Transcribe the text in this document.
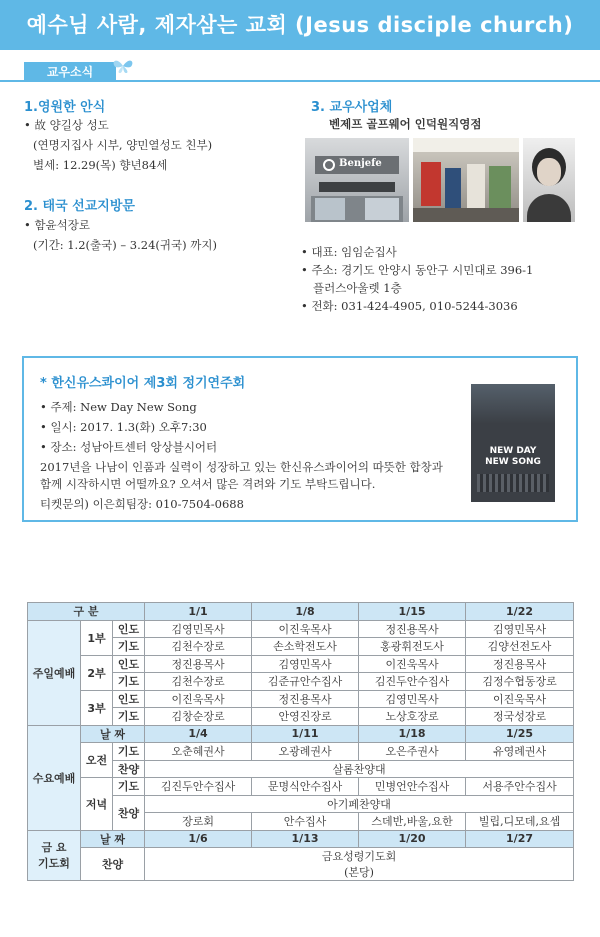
예수님 사람, 제자삼는 교회 (Jesus disciple church)
교우소식
1.영원한 안식
• 故 양길상 성도
(연명지집사 시부, 양민열성도 친부)
별세: 12.29(목) 향년84세
2. 태국 선교지방문
• 함윤석장로
(기간: 1.2(출국) – 3.24(귀국) 까지)
3. 교우사업체
벤제프 골프웨어 인덕원직영점
Benjefe
• 대표: 임임순집사
• 주소: 경기도 안양시 동안구 시민대로 396-1
플러스아울렛 1층
• 전화: 031-424-4905, 010-5244-3036
* 한신유스콰이어 제3회 정기연주회
• 주제: New Day New Song
• 일시: 2017. 1.3(화) 오후7:30
• 장소: 성남아트센터 앙상블시어터
2017년을 나남이 인품과 실력이 성장하고 있는 한신유스콰이어의 따뜻한 합창과
함께 시작하시면 어떨까요? 오셔서 많은 격려와 기도 부탁드립니다.
티켓문의) 이은희팀장: 010-7504-0688
NEW DAY
NEW SONG
구 분			1/1	1/8	1/15	1/22
주일예배	1부	인도	김영민목사	이진욱목사	정진용목사	김영민목사
		기도	김천수장로	손소학전도사	홍광휘전도사	김양선전도사
	2부	인도	정진용목사	김영민목사	이진욱목사	정진용목사
		기도	김천수장로	김준규안수집사	김진두안수집사	김정수협동장로
	3부	인도	이진욱목사	정진용목사	김영민목사	이진욱목사
		기도	김창순장로	안영진장로	노상호장로	정국성장로
수요예배	날 짜		1/4	1/11	1/18	1/25
	오전	기도	오춘혜권사	오광례권사	오은주권사	유영례권사
		찬양	살롬찬양대			
	저녁	기도	김진두안수집사	문명식안수집사	민병언안수집사	서용주안수집사
		찬양	아기페찬양대			
			장로회	안수집사	스데반,바울,요한	빌립,디모데,요셉

금 요
기도회	날 짜		1/6	1/13	1/20	1/27
	찬양		금요성령기도회
(본당)			
